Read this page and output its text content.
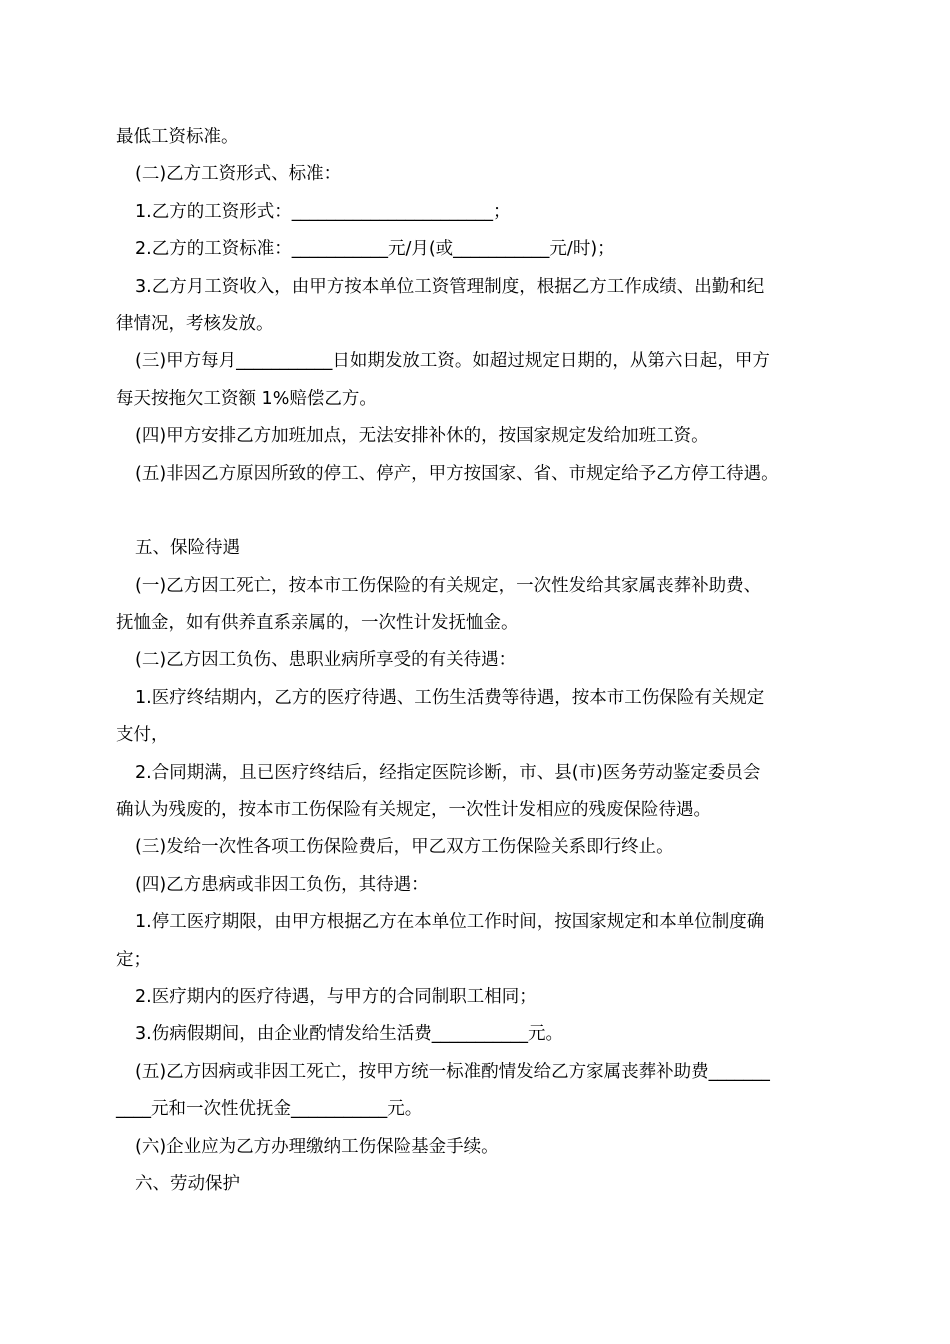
最低工资标准。
(二)乙方工资形式、标准：
1.乙方的工资形式：_______________________；
2.乙方的工资标准：___________元/月(或___________元/时)；
3.乙方月工资收入，由甲方按本单位工资管理制度，根据乙方工作成绩、出勤和纪
律情况，考核发放。
(三)甲方每月___________日如期发放工资。如超过规定日期的，从第六日起，甲方
每天按拖欠工资额 1%赔偿乙方。
(四)甲方安排乙方加班加点，无法安排补休的，按国家规定发给加班工资。
(五)非因乙方原因所致的停工、停产，甲方按国家、省、市规定给予乙方停工待遇。
五、保险待遇
(一)乙方因工死亡，按本市工伤保险的有关规定，一次性发给其家属丧葬补助费、
抚恤金，如有供养直系亲属的，一次性计发抚恤金。
(二)乙方因工负伤、患职业病所享受的有关待遇：
1.医疗终结期内，乙方的医疗待遇、工伤生活费等待遇，按本市工伤保险有关规定
支付，
2.合同期满，且已医疗终结后，经指定医院诊断，市、县(市)医务劳动鉴定委员会
确认为残废的，按本市工伤保险有关规定，一次性计发相应的残废保险待遇。
(三)发给一次性各项工伤保险费后，甲乙双方工伤保险关系即行终止。
(四)乙方患病或非因工负伤，其待遇：
1.停工医疗期限，由甲方根据乙方在本单位工作时间，按国家规定和本单位制度确
定；
2.医疗期内的医疗待遇，与甲方的合同制职工相同；
3.伤病假期间，由企业酌情发给生活费___________元。
(五)乙方因病或非因工死亡，按甲方统一标准酌情发给乙方家属丧葬补助费_______
____元和一次性优抚金___________元。
(六)企业应为乙方办理缴纳工伤保险基金手续。
六、劳动保护
